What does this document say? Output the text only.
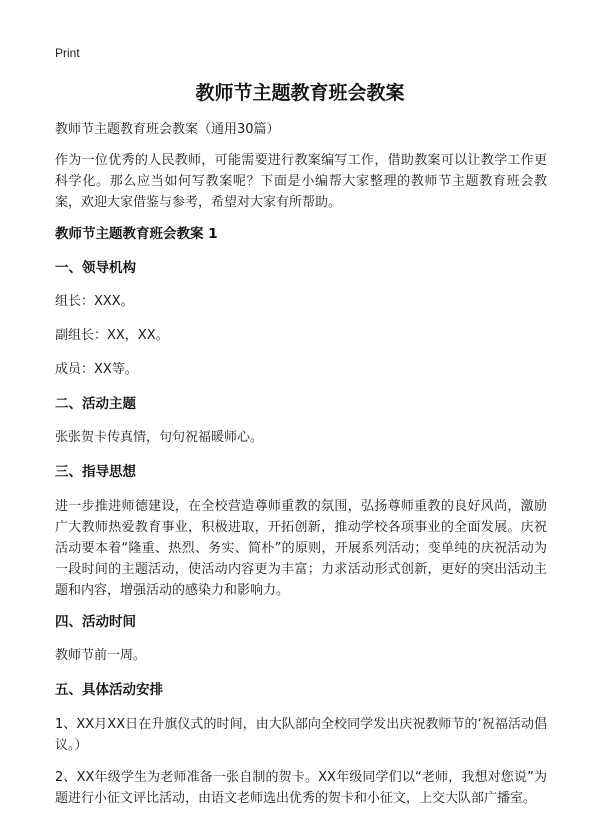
Print
教师节主题教育班会教案

教师节主题教育班会教案（通用30篇）

作为一位优秀的人民教师，可能需要进行教案编写工作，借助教案可以让教学工作更科学化。那么应当如何写教案呢？下面是小编帮大家整理的教师节主题教育班会教案，欢迎大家借鉴与参考，希望对大家有所帮助。

教师节主题教育班会教案 1
一、领导机构
组长：XXX。
副组长：XX，XX。
成员：XX等。
二、活动主题
张张贺卡传真情，句句祝福暖师心。
三、指导思想

进一步推进师德建设，在全校营造尊师重教的氛围，弘扬尊师重教的良好风尚，激励广大教师热爱教育事业，积极进取，开拓创新，推动学校各项事业的全面发展。庆祝活动要本着“隆重、热烈、务实、简朴”的原则，开展系列活动；变单纯的庆祝活动为一段时间的主题活动，使活动内容更为丰富；力求活动形式创新，更好的突出活动主题和内容，增强活动的感染力和影响力。

四、活动时间
教师节前一周。
五、具体活动安排

1、XX月XX日在升旗仪式的时间，由大队部向全校同学发出庆祝教师节的‘祝福活动倡议。）

2、XX年级学生为老师准备一张自制的贺卡。XX年级同学们以“老师，我想对您说”为题进行小征文评比活动，由语文老师选出优秀的贺卡和小征文，上交大队部广播室。
